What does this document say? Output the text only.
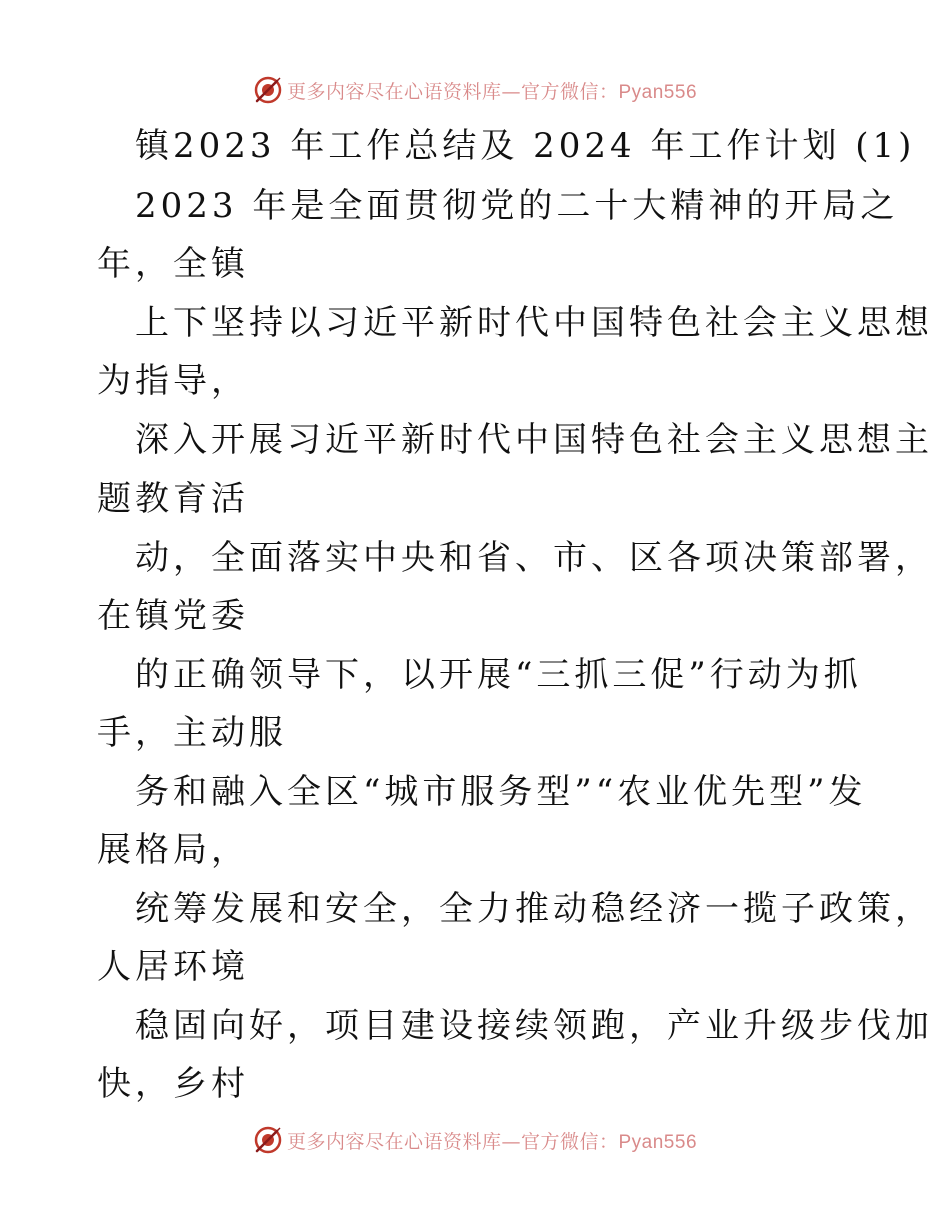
更多内容尽在心语资料库—官方微信：Pyan556
镇2023 年工作总结及 2024 年工作计划 (1)
2023 年是全面贯彻党的二十大精神的开局之
年，全镇
上下坚持以习近平新时代中国特色社会主义思想
为指导，
深入开展习近平新时代中国特色社会主义思想主
题教育活
动，全面落实中央和省、市、区各项决策部署，
在镇党委
的正确领导下，以开展“三抓三促”行动为抓
手，主动服
务和融入全区“城市服务型”“农业优先型”发
展格局，
统筹发展和安全，全力推动稳经济一揽子政策，
人居环境
稳固向好，项目建设接续领跑，产业升级步伐加
快，乡村
更多内容尽在心语资料库—官方微信：Pyan556
